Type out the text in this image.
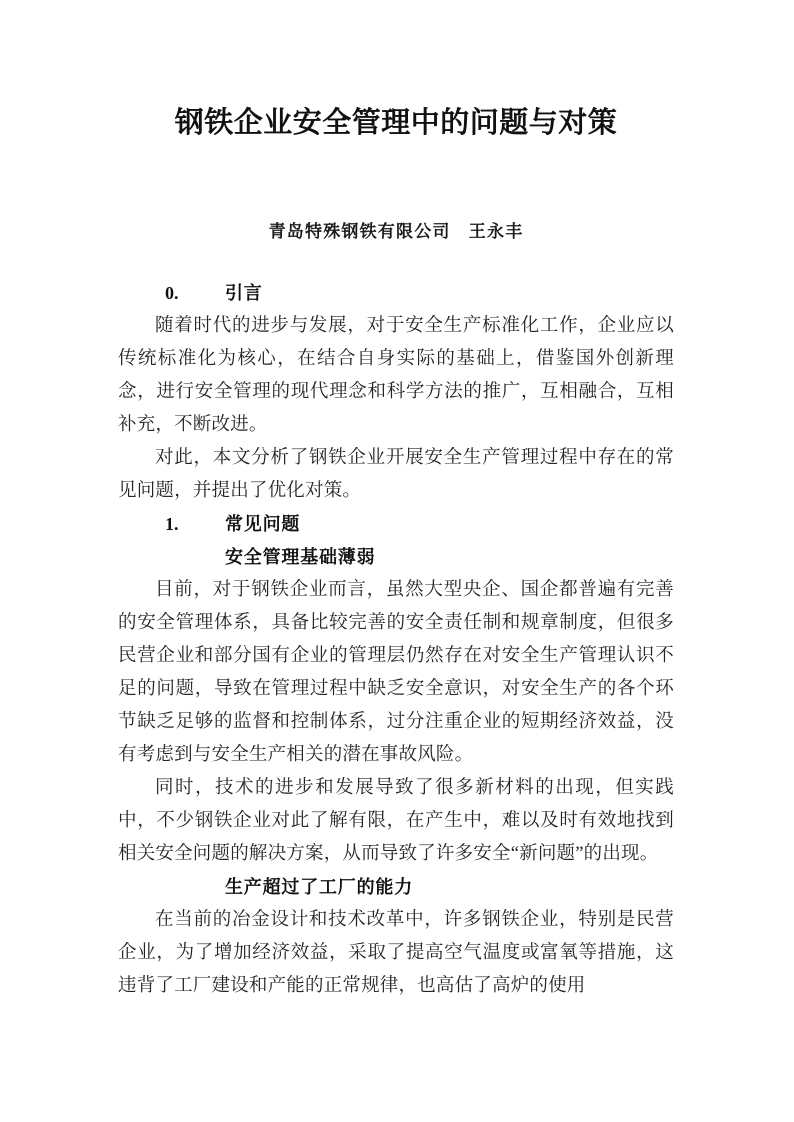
钢铁企业安全管理中的问题与对策
青岛特殊钢铁有限公司　王永丰
0.	引言

随着时代的进步与发展，对于安全生产标准化工作，企业应以传统标准化为核心，在结合自身实际的基础上，借鉴国外创新理念，进行安全管理的现代理念和科学方法的推广，互相融合，互相补充，不断改进。

对此，本文分析了钢铁企业开展安全生产管理过程中存在的常见问题，并提出了优化对策。

1.	常见问题
安全管理基础薄弱

目前，对于钢铁企业而言，虽然大型央企、国企都普遍有完善的安全管理体系，具备比较完善的安全责任制和规章制度，但很多民营企业和部分国有企业的管理层仍然存在对安全生产管理认识不足的问题，导致在管理过程中缺乏安全意识，对安全生产的各个环节缺乏足够的监督和控制体系，过分注重企业的短期经济效益，没有考虑到与安全生产相关的潜在事故风险。

同时，技术的进步和发展导致了很多新材料的出现，但实践中，不少钢铁企业对此了解有限，在产生中，难以及时有效地找到相关安全问题的解决方案，从而导致了许多安全“新问题”的出现。

生产超过了工厂的能力

在当前的冶金设计和技术改革中，许多钢铁企业，特别是民营企业，为了增加经济效益，采取了提高空气温度或富氧等措施，这违背了工厂建设和产能的正常规律，也高估了高炉的使用
